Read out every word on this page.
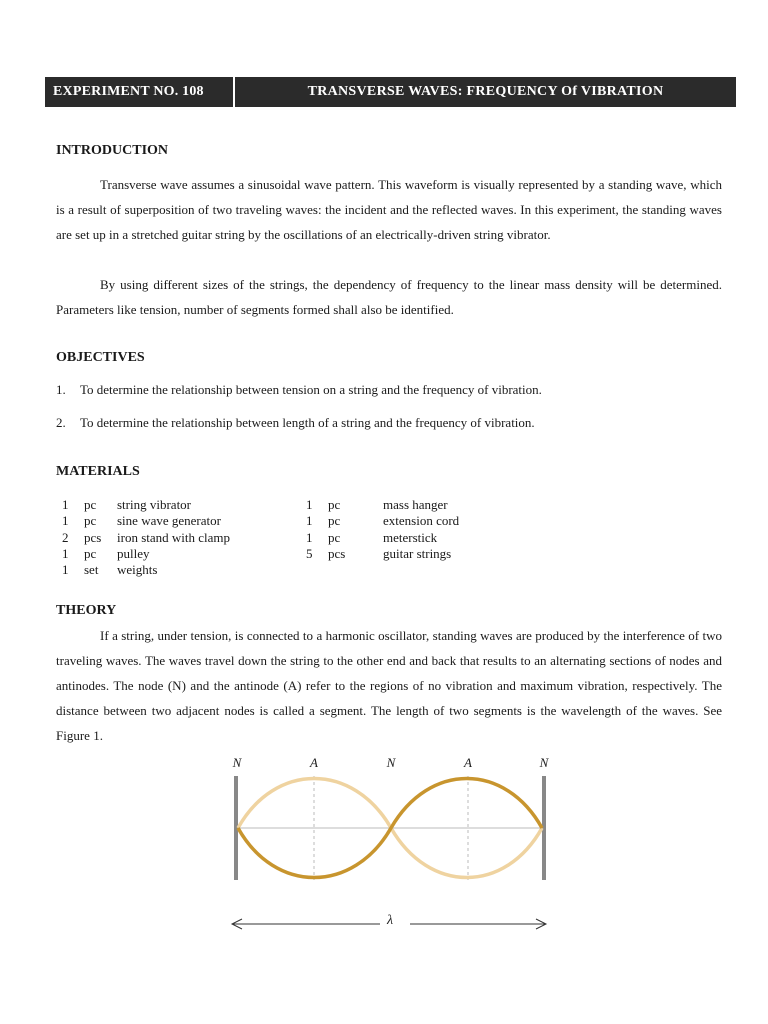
EXPERIMENT NO. 108	TRANSVERSE WAVES: FREQUENCY Of VIBRATION
INTRODUCTION
Transverse wave assumes a sinusoidal wave pattern. This waveform is visually represented by a standing wave, which is a result of superposition of two traveling waves: the incident and the reflected waves. In this experiment, the standing waves are set up in a stretched guitar string by the oscillations of an electrically-driven string vibrator.
By using different sizes of the strings, the dependency of frequency to the linear mass density will be determined. Parameters like tension, number of segments formed shall also be identified.
OBJECTIVES
1. To determine the relationship between tension on a string and the frequency of vibration.
2. To determine the relationship between length of a string and the frequency of vibration.
MATERIALS
1	pc	string vibrator
1	pc	sine wave generator
2	pcs	iron stand with clamp
1	pc	pulley
1	set	weights
1	pc	mass hanger
1	pc	extension cord
1	pc	meterstick
5	pcs	guitar strings
THEORY
If a string, under tension, is connected to a harmonic oscillator, standing waves are produced by the interference of two traveling waves. The waves travel down the string to the other end and back that results to an alternating sections of nodes and antinodes. The node (N) and the antinode (A) refer to the regions of no vibration and maximum vibration, respectively. The distance between two adjacent nodes is called a segment. The length of two segments is the wavelength of the waves. See Figure 1.
N	A	N	A	N
λ
